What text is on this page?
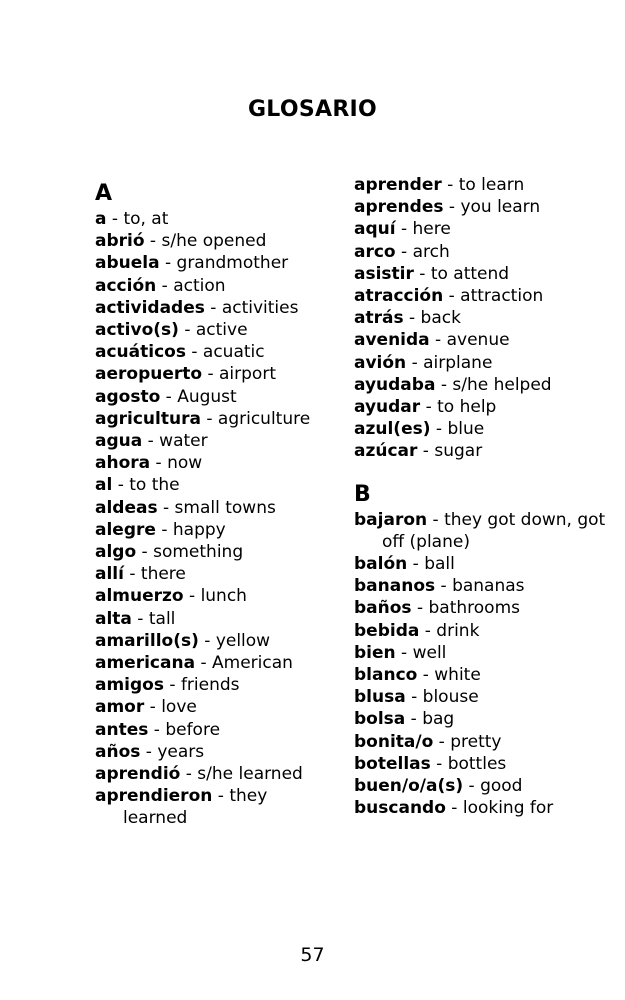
GLOSARIO
A
a - to, at
abrió - s/he opened
abuela - grandmother
acción - action
actividades - activities
activo(s) - active
acuáticos - acuatic
aeropuerto - airport
agosto - August
agricultura - agriculture
agua - water
ahora - now
al - to the
aldeas - small towns
alegre - happy
algo - something
allí - there
almuerzo - lunch
alta - tall
amarillo(s) - yellow
americana - American
amigos - friends
amor - love
antes - before
años - years
aprendió - s/he learned
aprendieron - they learned
aprender - to learn
aprendes - you learn
aquí - here
arco - arch
asistir - to attend
atracción - attraction
atrás - back
avenida - avenue
avión - airplane
ayudaba - s/he helped
ayudar - to help
azul(es) - blue
azúcar - sugar
B
bajaron - they got down, got off (plane)
balón - ball
bananos - bananas
baños - bathrooms
bebida - drink
bien - well
blanco - white
blusa - blouse
bolsa - bag
bonita/o - pretty
botellas - bottles
buen/o/a(s) - good
buscando - looking for
57
